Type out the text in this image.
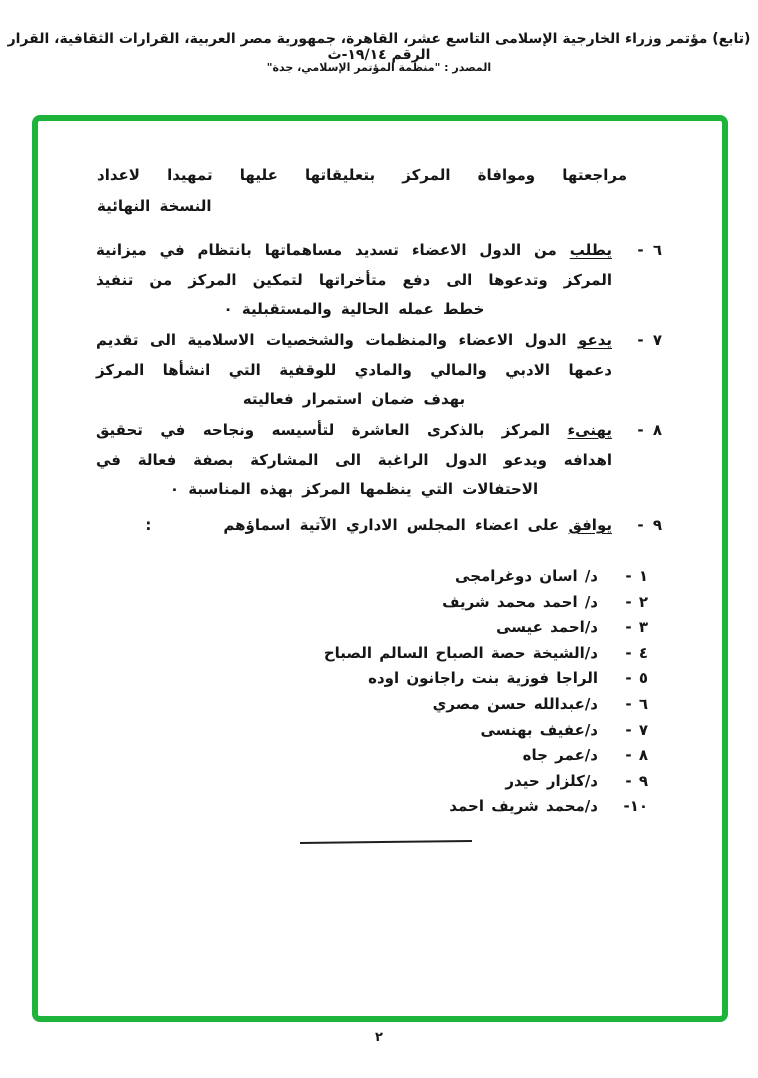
(تابع) مؤتمر وزراء الخارجية الإسلامى التاسع عشر، القاهرة، جمهورية مصر العربية، القرارات الثقافية، القرار الرقم ١٩/١٤-ث
المصدر : "منظمة المؤتمر الإسلامي، جدة"
مراجعتها وموافاة المركز بتعليقاتها عليها تمهيدا لاعداد
النسخة النهائية
٦ -
يطلب من الدول الاعضاء تسديد مساهماتها بانتظام في ميزانية
المركز وتدعوها الى دفع متأخراتها لتمكين المركز من تنفيذ
خطط عمله الحالية والمستقبلية ٠
٧ -
يدعو الدول الاعضاء والمنظمات والشخصيات الاسلامية الى تقديم
دعمها الادبي والمالي والمادي للوقفية التي انشأها المركز
بهدف ضمان استمرار فعاليته
٨ -
يهنىء المركز بالذكرى العاشرة لتأسيسه ونجاحه في تحقيق
اهدافه ويدعو الدول الراغبة الى المشاركة بصفة فعالة في
الاحتفالات التي ينظمها المركز بهذه المناسبة ٠
٩ -
يوافق على اعضاء المجلس الاداري الآتية اسماؤهم:
١ -
د/ اسان دوغرامجى
٢ -
د/ احمد محمد شريف
٣ -
د/احمد عيسى
٤ -
د/الشيخة حصة الصباح السالم الصباح
٥ -
الراجا فوزية بنت راجانون اوده
٦ -
د/عبدالله حسن مصري
٧ -
د/عفيف بهنسى
٨ -
د/عمر جاه
٩ -
د/كلزار حيدر
١٠-
د/محمد شريف احمد
٢
